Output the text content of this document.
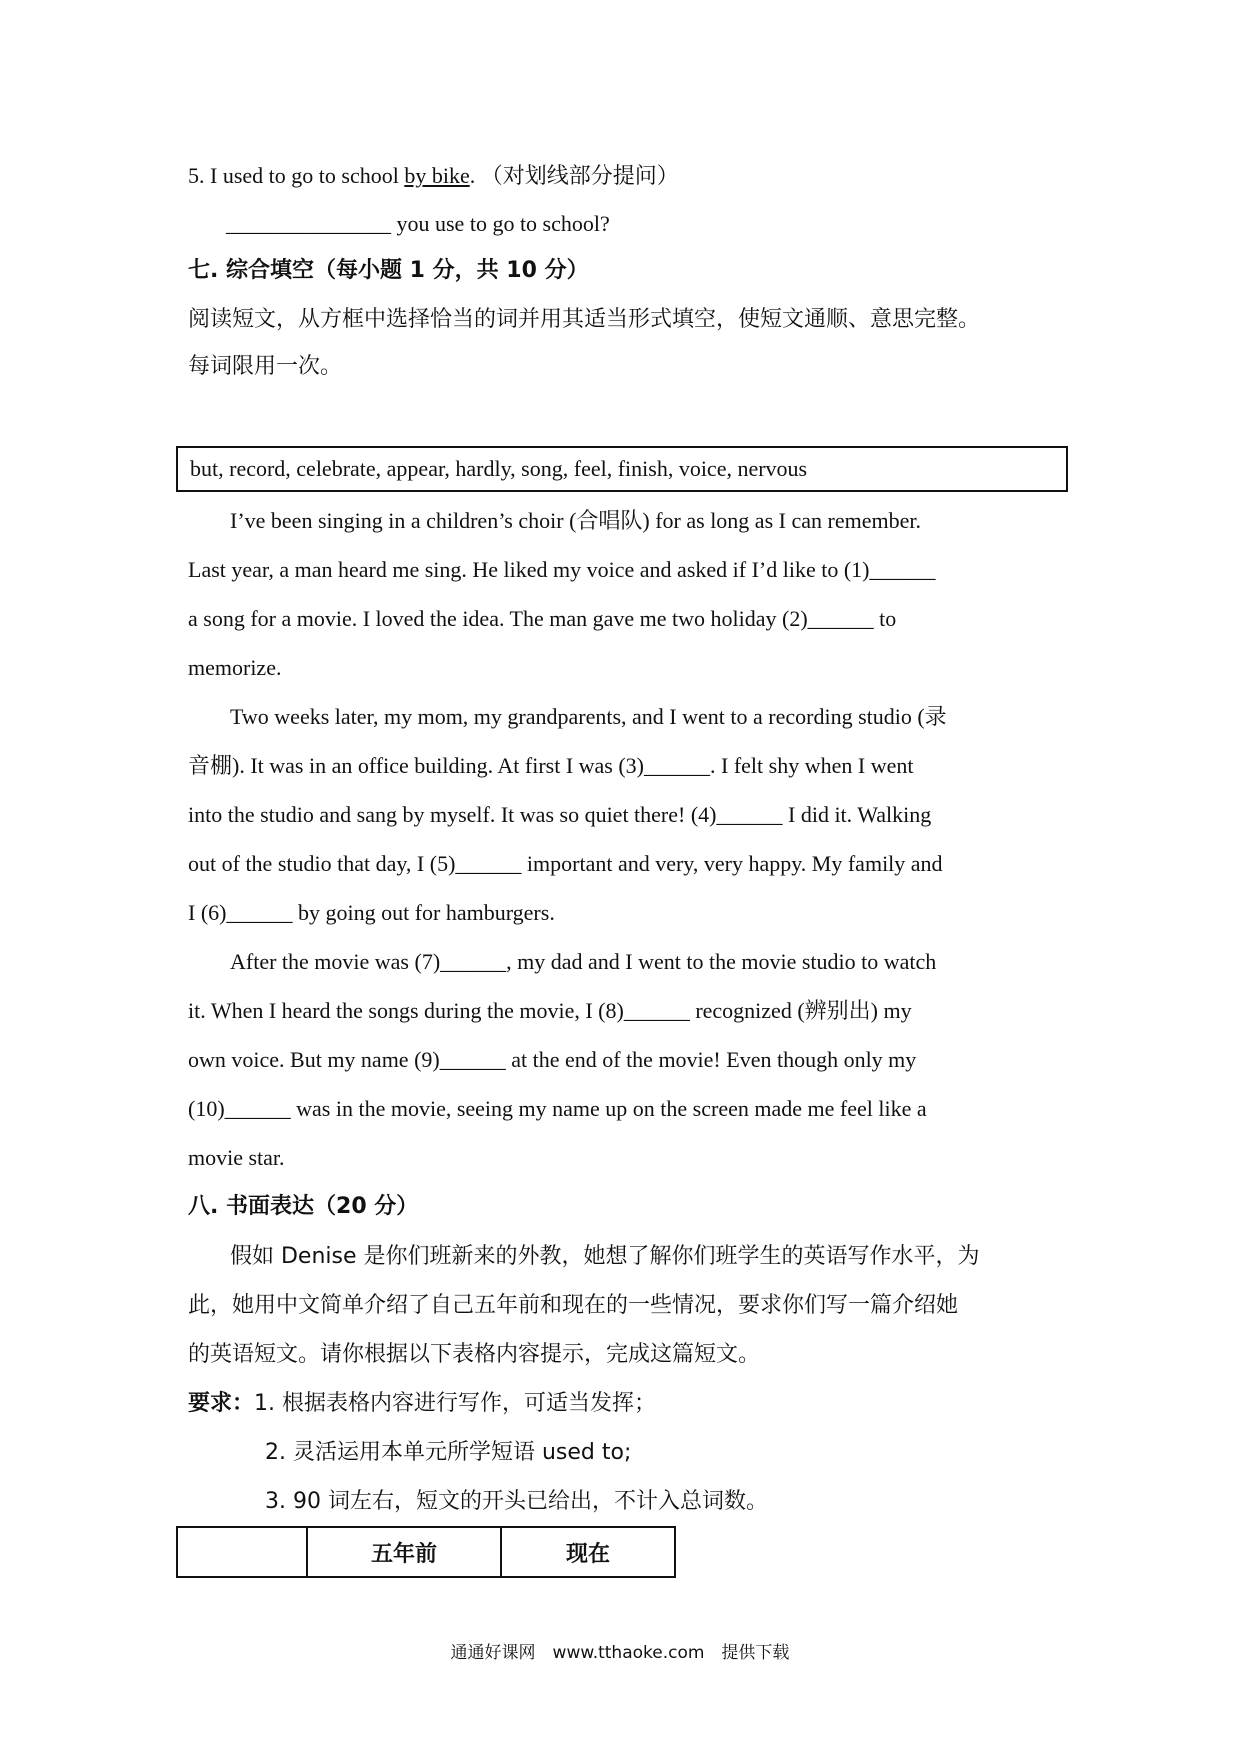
5. I used to go to school by bike. （对划线部分提问）
_______________ you use to go to school?
七. 综合填空（每小题 1 分，共 10 分）
阅读短文，从方框中选择恰当的词并用其适当形式填空，使短文通顺、意思完整。
每词限用一次。
but, record, celebrate, appear, hardly, song, feel, finish, voice, nervous
I’ve been singing in a children’s choir (合唱队) for as long as I can remember.
Last year, a man heard me sing. He liked my voice and asked if I’d like to (1)______
a song for a movie. I loved the idea. The man gave me two holiday (2)______ to
memorize.
Two weeks later, my mom, my grandparents, and I went to a recording studio (录
音棚). It was in an office building. At first I was (3)______. I felt shy when I went
into the studio and sang by myself. It was so quiet there! (4)______ I did it. Walking
out of the studio that day, I (5)______ important and very, very happy. My family and
I (6)______ by going out for hamburgers.
After the movie was (7)______, my dad and I went to the movie studio to watch
it. When I heard the songs during the movie, I (8)______ recognized (辨别出) my
own voice. But my name (9)______ at the end of the movie! Even though only my
(10)______ was in the movie, seeing my name up on the screen made me feel like a
movie star.
八. 书面表达（20 分）
假如 Denise 是你们班新来的外教，她想了解你们班学生的英语写作水平，为
此，她用中文简单介绍了自己五年前和现在的一些情况，要求你们写一篇介绍她
的英语短文。请你根据以下表格内容提示，完成这篇短文。
要求：1. 根据表格内容进行写作，可适当发挥；
2. 灵活运用本单元所学短语 used to;
3. 90 词左右，短文的开头已给出，不计入总词数。
	五年前	现在
通通好课网　www.tthaoke.com　提供下载
